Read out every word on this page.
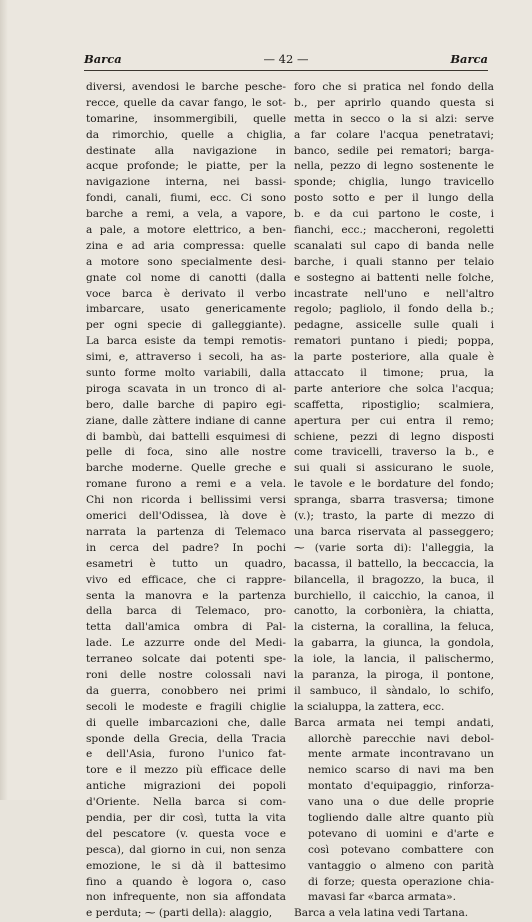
Barca	— 42 —	Barca
diversi, avendosi le barche pesche-
recce, quelle da cavar fango, le sot-
tomarine, insommergibili, quelle
da rimorchio, quelle a chiglia,
destinate alla navigazione in
acque profonde; le piatte, per la
navigazione interna, nei bassi-
fondi, canali, fiumi, ecc. Ci sono
barche a remi, a vela, a vapore,
a pale, a motore elettrico, a ben-
zina e ad aria compressa: quelle
a motore sono specialmente desi-
gnate col nome di canotti (dalla
voce barca è derivato il verbo
imbarcare, usato genericamente
per ogni specie di galleggiante).
La barca esiste da tempi remotis-
simi, e, attraverso i secoli, ha as-
sunto forme molto variabili, dalla
piroga scavata in un tronco di al-
bero, dalle barche di papiro egi-
ziane, dalle zàttere indiane di canne
di bambù, dai battelli esquimesi di
pelle di foca, sino alle nostre
barche moderne. Quelle greche e
romane furono a remi e a vela.
Chi non ricorda i bellissimi versi
omerici dell'Odissea, là dove è
narrata la partenza di Telemaco
in cerca del padre? In pochi
esametri è tutto un quadro,
vivo ed efficace, che ci rappre-
senta la manovra e la partenza
della barca di Telemaco, pro-
tetta dall'amica ombra di Pal-
lade. Le azzurre onde del Medi-
terraneo solcate dai potenti spe-
roni delle nostre colossali navi
da guerra, conobbero nei primi
secoli le modeste e fragili chiglie
di quelle imbarcazioni che, dalle
sponde della Grecia, della Tracia
e dell'Asia, furono l'unico fat-
tore e il mezzo più efficace delle
antiche migrazioni dei popoli
d'Oriente. Nella barca si com-
pendia, per dir così, tutta la vita
del pescatore (v. questa voce e
pesca), dal giorno in cui, non senza
emozione, le si dà il battesimo
fino a quando è logora o, caso
non infrequente, non sia affondata
e perduta; ⁓ (parti della): alaggio,
foro che si pratica nel fondo della
b., per aprirlo quando questa si
metta in secco o la si alzi: serve
a far colare l'acqua penetratavi;
banco, sedile pei rematori; barga-
nella, pezzo di legno sostenente le
sponde; chiglia, lungo travicello
posto sotto e per il lungo della
b. e da cui partono le coste, i
fianchi, ecc.; maccheroni, regoletti
scanalati sul capo di banda nelle
barche, i quali stanno per telaio
e sostegno ai battenti nelle folche,
incastrate nell'uno e nell'altro
regolo; pagliolo, il fondo della b.;
pedagne, assicelle sulle quali i
rematori puntano i piedi; poppa,
la parte posteriore, alla quale è
attaccato il timone; prua, la
parte anteriore che solca l'acqua;
scaffetta, ripostiglio; scalmiera,
apertura per cui entra il remo;
schiene, pezzi di legno disposti
come travicelli, traverso la b., e
sui quali si assicurano le suole,
le tavole e le bordature del fondo;
spranga, sbarra trasversa; timone
(v.); trasto, la parte di mezzo di
una barca riservata al passeggero;
⁓ (varie sorta di): l'alleggia, la
bacassa, il battello, la beccaccia, la
bilancella, il bragozzo, la buca, il
burchiello, il caicchio, la canoa, il
canotto, la corbonièra, la chiatta,
la cisterna, la corallina, la feluca,
la gabarra, la giunca, la gondola,
la iole, la lancia, il palischermo,
la paranza, la piroga, il pontone,
il sambuco, il sàndalo, lo schifo,
la scialuppa, la zattera, ecc.
Barca armata nei tempi andati,
allorchè parecchie navi debol-
mente armate incontravano un
nemico scarso di navi ma ben
montato d'equipaggio, rinforza-
vano una o due delle proprie
togliendo dalle altre quanto più
potevano di uomini e d'arte e
così potevano combattere con
vantaggio o almeno con parità
di forze; questa operazione chia-
mavasi far «barca armata».
Barca a vela latina vedi Tartana.
